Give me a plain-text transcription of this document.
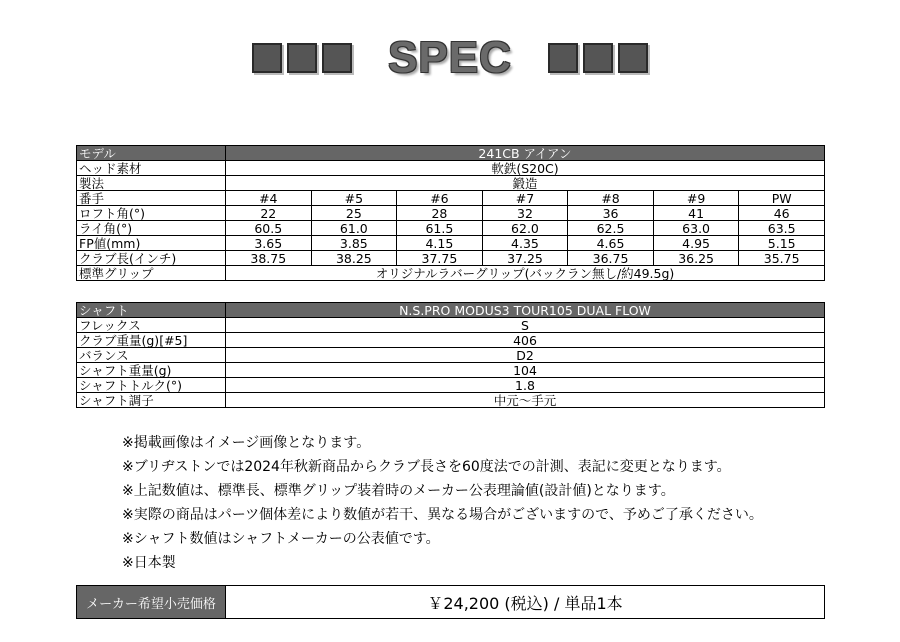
SPEC
モデル	241CB アイアン						
ヘッド素材	軟鉄(S20C)						
製法	鍛造						
番手	#4	#5	#6	#7	#8	#9	PW
ロフト角(°)	22	25	28	32	36	41	46
ライ角(°)	60.5	61.0	61.5	62.0	62.5	63.0	63.5
FP値(mm)	3.65	3.85	4.15	4.35	4.65	4.95	5.15
クラブ長(インチ)	38.75	38.25	37.75	37.25	36.75	36.25	35.75
標準グリップ	オリジナルラバーグリップ(バックラン無し/約49.5g)						
シャフト	N.S.PRO MODUS3 TOUR105 DUAL FLOW
フレックス	S
クラブ重量(g)[#5]	406
バランス	D2
シャフト重量(g)	104
シャフトトルク(°)	1.8
シャフト調子	中元〜手元
※掲載画像はイメージ画像となります。
※ブリヂストンでは2024年秋新商品からクラブ長さを60度法での計測、表記に変更となります。
※上記数値は、標準長、標準グリップ装着時のメーカー公表理論値(設計値)となります。
※実際の商品はパーツ個体差により数値が若干、異なる場合がございますので、予めご了承ください。
※シャフト数値はシャフトメーカーの公表値です。
※日本製
メーカー希望小売価格	￥24,200 (税込) / 単品1本
